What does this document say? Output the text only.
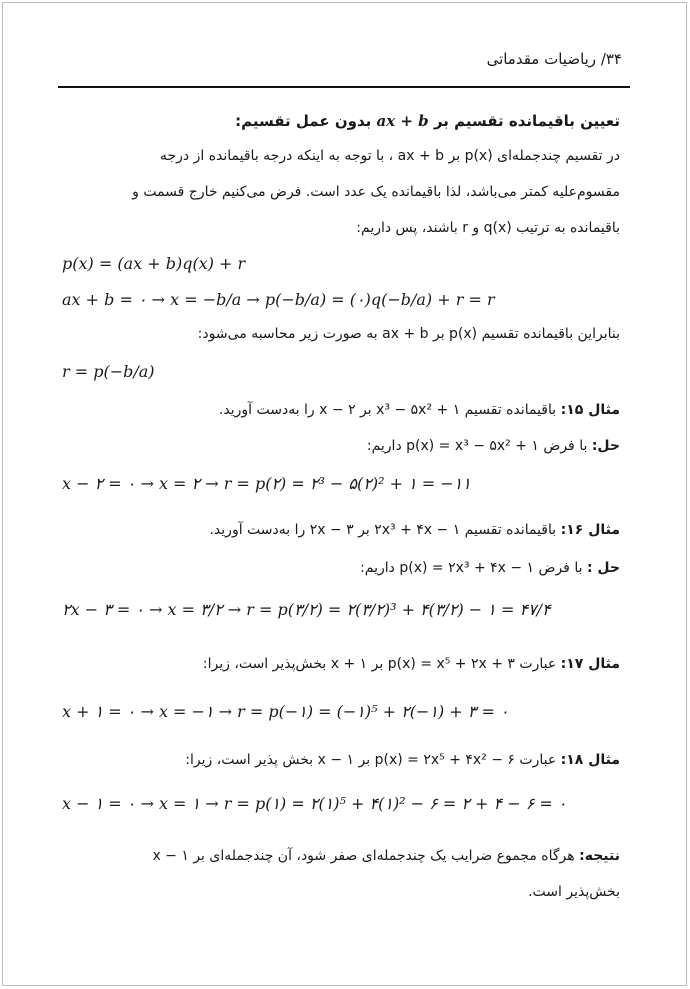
۳۴/ ریاضیات مقدماتی
تعیین باقیمانده تقسیم بر ax + b بدون عمل تقسیم:
در تقسیم چندجمله‌ای p(x) بر ax + b ، با توجه به اینکه درجه باقیمانده از درجه
مقسوم‌علیه کمتر می‌باشد، لذا باقیمانده یک عدد است. فرض می‌کنیم خارج قسمت و
باقیمانده به ترتیب q(x) و r باشند، پس داریم:
p(x) = (ax + b)q(x) + r
ax + b = ۰ → x = −b/a → p(−b/a) = (۰)q(−b/a) + r = r
بنابراین باقیمانده تقسیم p(x) بر ax + b به صورت زیر محاسبه می‌شود:
r = p(−b/a)
مثال ۱۵: باقیمانده تقسیم x³ − ۵x² + ۱ بر x − ۲ را به‌دست آورید.
حل: با فرض p(x) = x³ − ۵x² + ۱ داریم:
x − ۲ = ۰ → x = ۲ → r = p(۲) = ۲³ − ۵(۲)² + ۱ = −۱۱
مثال ۱۶: باقیمانده تقسیم ۲x³ + ۴x − ۱ بر ۲x − ۳ را به‌دست آورید.
حل : با فرض p(x) = ۲x³ + ۴x − ۱ داریم:
۲x − ۳ = ۰ → x = ۳/۲ → r = p(۳/۲) = ۲(۳/۲)³ + ۴(۳/۲) − ۱ = ۴۷/۴
مثال ۱۷: عبارت p(x) = x⁵ + ۲x + ۳ بر x + ۱ بخش‌پذیر است، زیرا:
x + ۱ = ۰ → x = −۱ → r = p(−۱) = (−۱)⁵ + ۲(−۱) + ۳ = ۰
مثال ۱۸: عبارت p(x) = ۲x⁵ + ۴x² − ۶ بر x − ۱ بخش پذیر است، زیرا:
x − ۱ = ۰ → x = ۱ → r = p(۱) = ۲(۱)⁵ + ۴(۱)² − ۶ = ۲ + ۴ − ۶ = ۰
نتیجه: هرگاه مجموع ضرایب یک چندجمله‌ای صفر شود، آن چندجمله‌ای بر x − ۱
بخش‌پذیر است.
